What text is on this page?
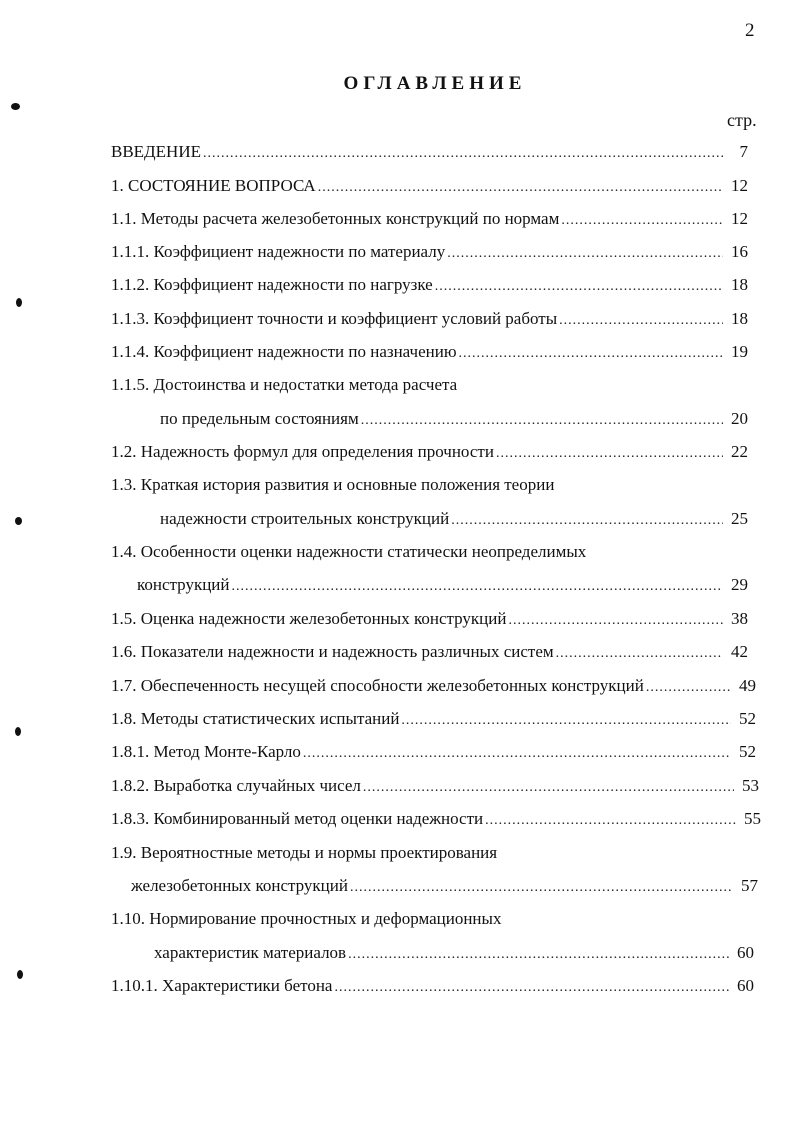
2
ОГЛАВЛЕНИЕ
стр.
ВВЕДЕНИЕ .....	7
1. СОСТОЯНИЕ ВОПРОСА .....	12
1.1. Методы расчета железобетонных конструкций по нормам .....	12
1.1.1. Коэффициент надежности по материалу .....	16
1.1.2. Коэффициент надежности по нагрузке .....	18
1.1.3. Коэффициент точности и коэффициент условий работы .....	18
1.1.4. Коэффициент надежности по назначению .....	19
1.1.5. Достоинства и недостатки метода расчета
по предельным состояниям .....	20
1.2. Надежность формул для определения прочности .....	22
1.3. Краткая история развития и основные положения теории
надежности строительных конструкций .....	25
1.4. Особенности оценки надежности статически неопределимых
конструкций .....	29
1.5. Оценка надежности железобетонных конструкций .....	38
1.6. Показатели надежности и надежность различных систем .....	42
1.7. Обеспеченность несущей способности железобетонных конструкций .....	49
1.8. Методы статистических испытаний .....	52
1.8.1. Метод Монте-Карло .....	52
1.8.2. Выработка случайных чисел .....	53
1.8.3. Комбинированный метод оценки надежности .....	55
1.9. Вероятностные методы и нормы проектирования
железобетонных конструкций .....	57
1.10. Нормирование прочностных и деформационных
характеристик материалов .....	60
1.10.1. Характеристики бетона .....	60
